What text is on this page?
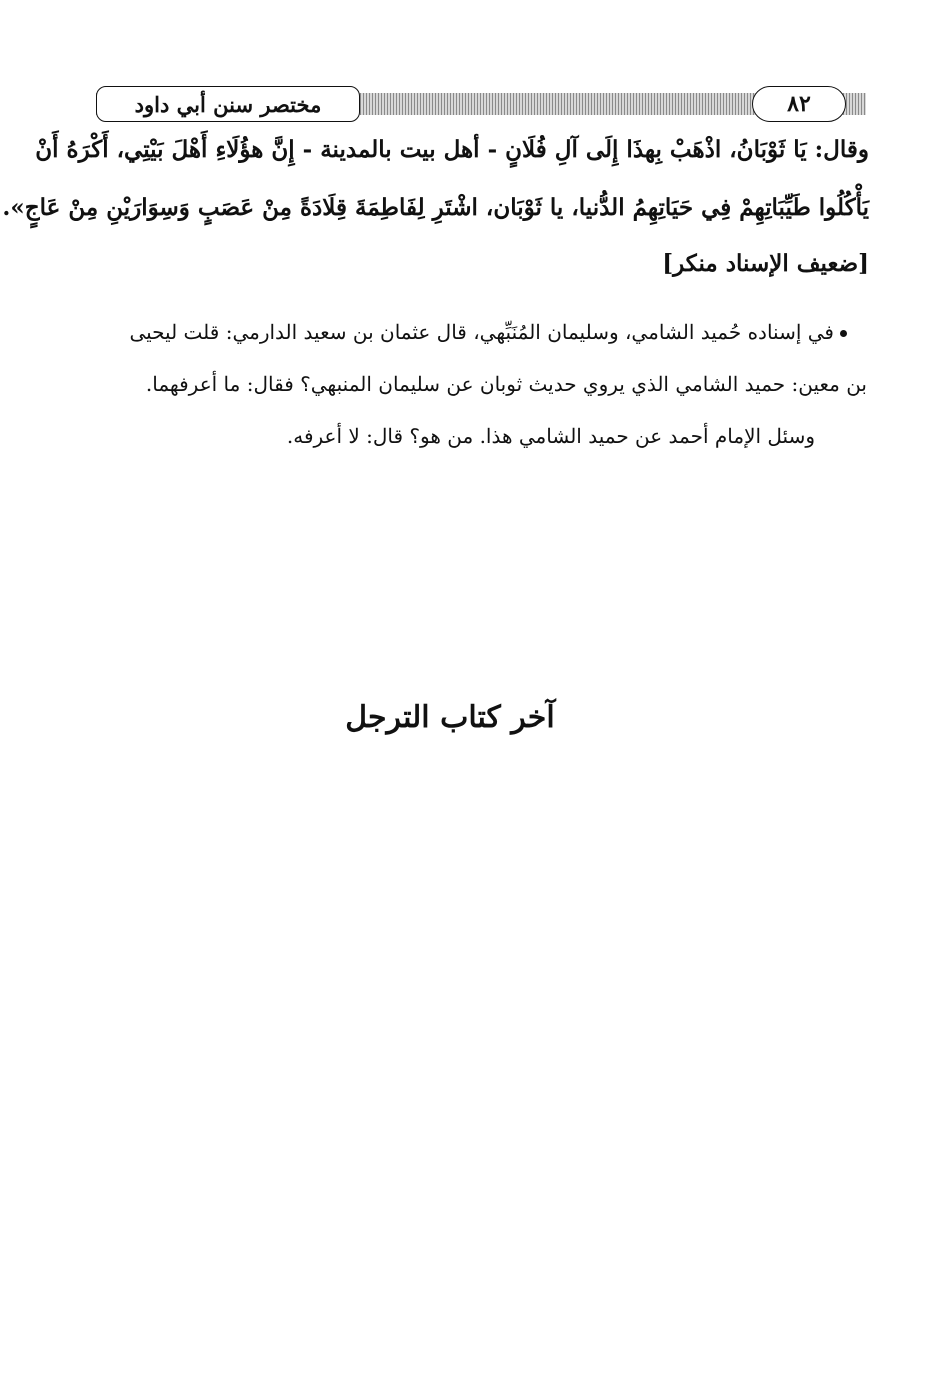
٨٢
مختصر سنن أبي داود
وقال: يَا ثَوْبَانُ، اذْهَبْ بِهذَا إِلَى آلِ فُلَانٍ - أهل بيت بالمدينة - إِنَّ هؤُلَاءِ أَهْلَ بَيْتِي، أَكْرَهُ أَنْ
يَأْكُلُوا طَيِّبَاتِهِمْ فِي حَيَاتِهِمُ الدُّنيا، يا ثَوْبَان، اشْتَرِ لِفَاطِمَةَ قِلَادَةً مِنْ عَصَبٍ وَسِوَارَيْنِ مِنْ عَاجٍ».
[ضعيف الإسناد منكر]
في إسناده حُميد الشامي، وسليمان المُنَبِّهي، قال عثمان بن سعيد الدارمي: قلت ليحيى
بن معين: حميد الشامي الذي يروي حديث ثوبان عن سليمان المنبهي؟ فقال: ما أعرفهما.
وسئل الإمام أحمد عن حميد الشامي هذا. من هو؟ قال: لا أعرفه.
آخر كتاب الترجل
